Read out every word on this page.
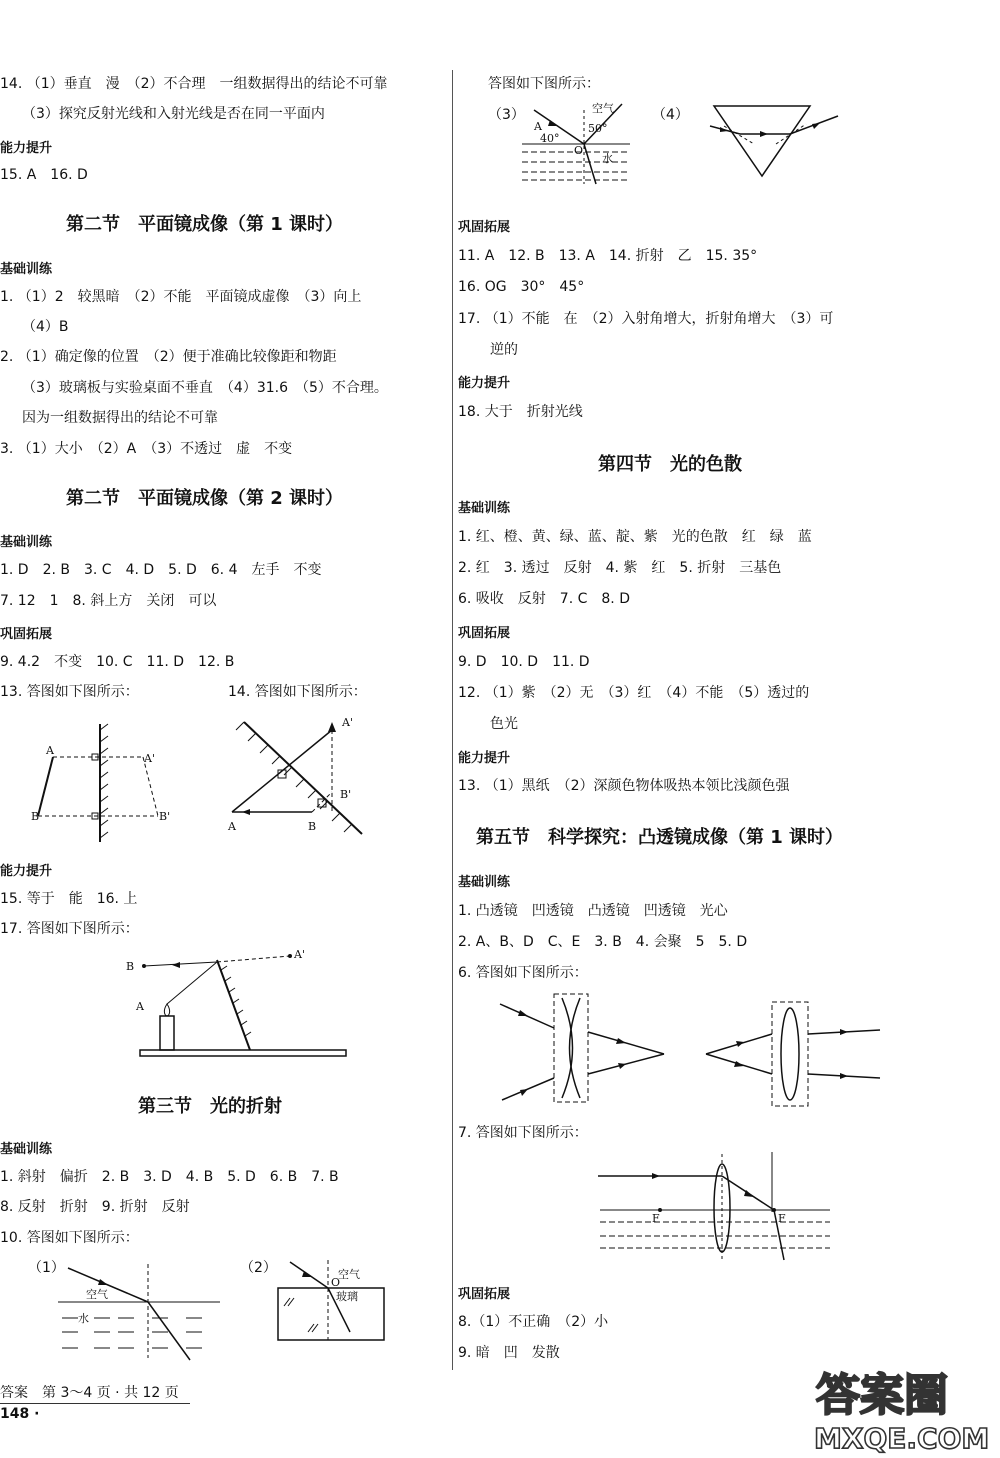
14. （1）垂直　漫　（2）不合理　一组数据得出的结论不可靠
（3）探究反射光线和入射光线是否在同一平面内
能力提升
15. A　16. D
第二节　平面镜成像（第 1 课时）
基础训练
1. （1）2　较黑暗　（2）不能　平面镜成虚像　（3）向上
（4）B
2. （1）确定像的位置　（2）便于准确比较像距和物距
（3）玻璃板与实验桌面不垂直　（4）31.6　（5）不合理。
因为一组数据得出的结论不可靠
3. （1）大小　（2）A　（3）不透过　虚　不变
第二节　平面镜成像（第 2 课时）
基础训练
1. D　2. B　3. C　4. D　5. D　6. 4　左手　不变
7. 12　1　8. 斜上方　关闭　可以
巩固拓展
9. 4.2　不变　10. C　11. D　12. B
13. 答图如下图所示：	14. 答图如下图所示：
A
A'
B	B'
A'
B'
A	B
能力提升
15. 等于　能　16. 上
17. 答图如下图所示：
B
A'
A
第三节　光的折射
基础训练
1. 斜射　偏折　2. B　3. D　4. B　5. D　6. B　7. B
8. 反射　折射　9. 折射　反射
10. 答图如下图所示：
（1）	（2）
空气
水
O
空气
玻璃
答图如下图所示：
（3）	（4）
A
40°
50°
空气
O
水
巩固拓展
11. A　12. B　13. A　14. 折射　乙　15. 35°
16. OG　30°　45°
17. （1）不能　在　（2）入射角增大，折射角增大　（3）可
逆的
能力提升
18. 大于　折射光线
第四节　光的色散
基础训练
1. 红、橙、黄、绿、蓝、靛、紫　光的色散　红　绿　蓝
2. 红　3. 透过　反射　4. 紫　红　5. 折射　三基色
6. 吸收　反射　7. C　8. D
巩固拓展
9. D　10. D　11. D
12. （1）紫　（2）无　（3）红　（4）不能　（5）透过的
色光
能力提升
13. （1）黑纸　（2）深颜色物体吸热本领比浅颜色强
第五节　科学探究：凸透镜成像（第 1 课时）
基础训练
1. 凸透镜　凹透镜　凸透镜　凹透镜　光心
2. A、B、D　C、E　3. B　4. 会聚　5　5. D
6. 答图如下图所示：
7. 答图如下图所示：
F	F
巩固拓展
8.（1）不正确　（2）小
9. 暗　凹　发散
答案　第 3～4 页 · 共 12 页
148 ·	答案圈
MXQE.COM
